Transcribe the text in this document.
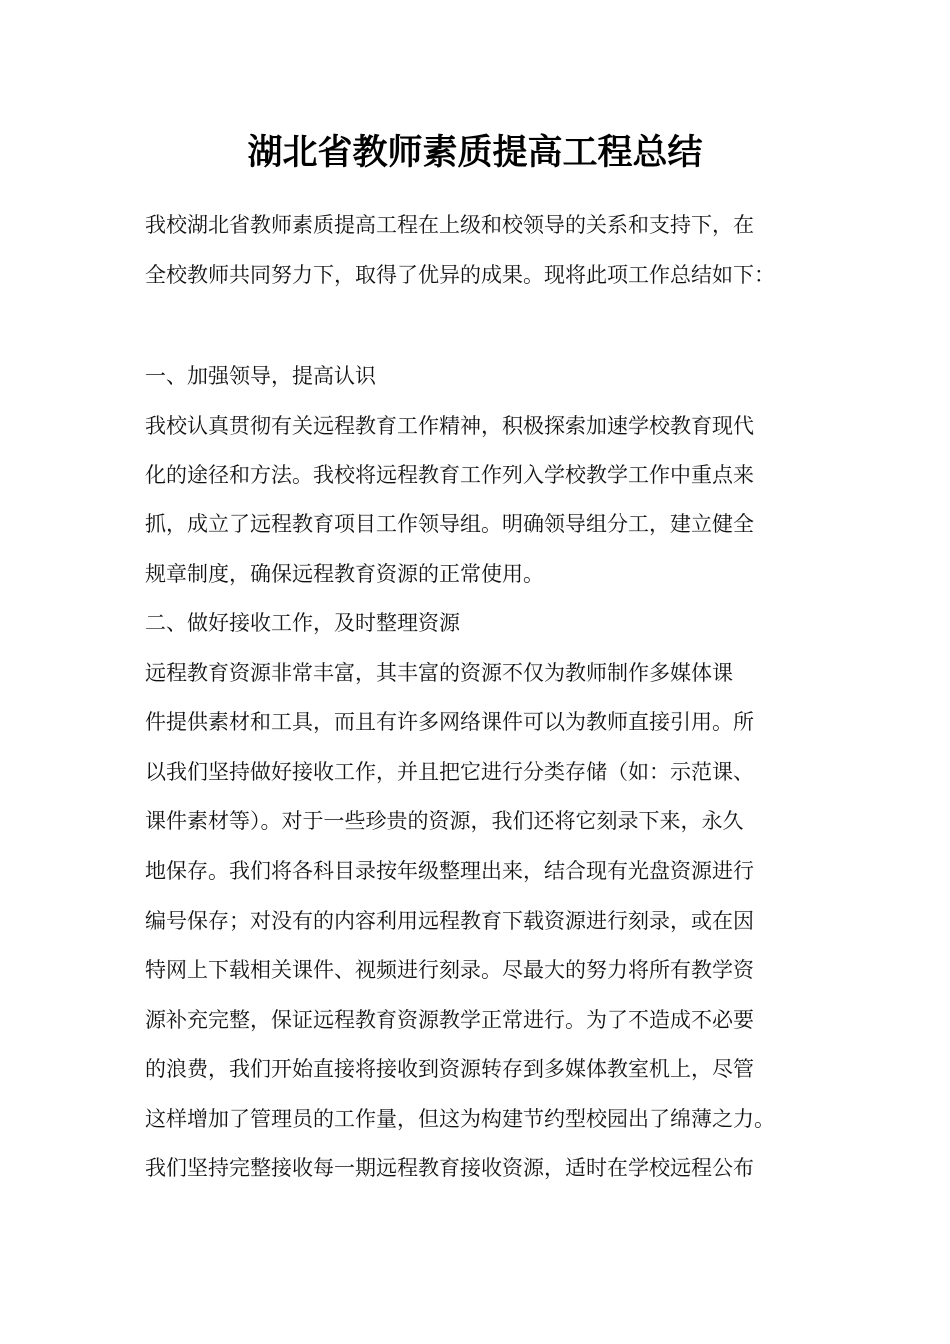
湖北省教师素质提高工程总结
我校湖北省教师素质提高工程在上级和校领导的关系和支持下，在
全校教师共同努力下，取得了优异的成果。现将此项工作总结如下：
一、加强领导，提高认识
我校认真贯彻有关远程教育工作精神，积极探索加速学校教育现代
化的途径和方法。我校将远程教育工作列入学校教学工作中重点来
抓，成立了远程教育项目工作领导组。明确领导组分工，建立健全
规章制度，确保远程教育资源的正常使用。
二、做好接收工作，及时整理资源
远程教育资源非常丰富，其丰富的资源不仅为教师制作多媒体课
件提供素材和工具，而且有许多网络课件可以为教师直接引用。所
以我们坚持做好接收工作，并且把它进行分类存储（如：示范课、
课件素材等）。对于一些珍贵的资源，我们还将它刻录下来，永久
地保存。我们将各科目录按年级整理出来，结合现有光盘资源进行
编号保存；对没有的内容利用远程教育下载资源进行刻录，或在因
特网上下载相关课件、视频进行刻录。尽最大的努力将所有教学资
源补充完整，保证远程教育资源教学正常进行。为了不造成不必要
的浪费，我们开始直接将接收到资源转存到多媒体教室机上，尽管
这样增加了管理员的工作量，但这为构建节约型校园出了绵薄之力。
我们坚持完整接收每一期远程教育接收资源，适时在学校远程公布
